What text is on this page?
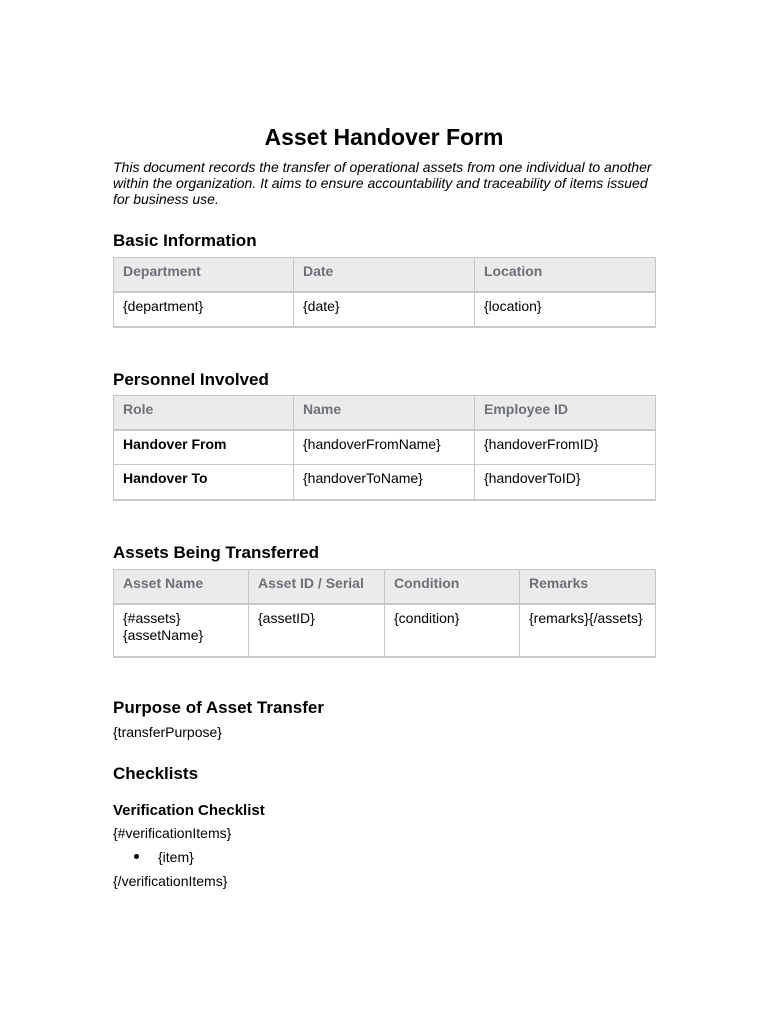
Asset Handover Form

This document records the transfer of operational assets from one individual to another within the organization. It aims to ensure accountability and traceability of items issued for business use.

Basic Information
Department	Date	Location
{department}	{date}	{location}
Personnel Involved
Role	Name	Employee ID
Handover From	{handoverFromName}	{handoverFromID}
Handover To	{handoverToName}	{handoverToID}
Assets Being Transferred
Asset Name	Asset ID / Serial	Condition	Remarks
{#assets}
{assetName}	{assetID}	{condition}	{remarks}{/assets}
Purpose of Asset Transfer

{transferPurpose}

Checklists
Verification Checklist

{#verificationItems}

{item}

{/verificationItems}
